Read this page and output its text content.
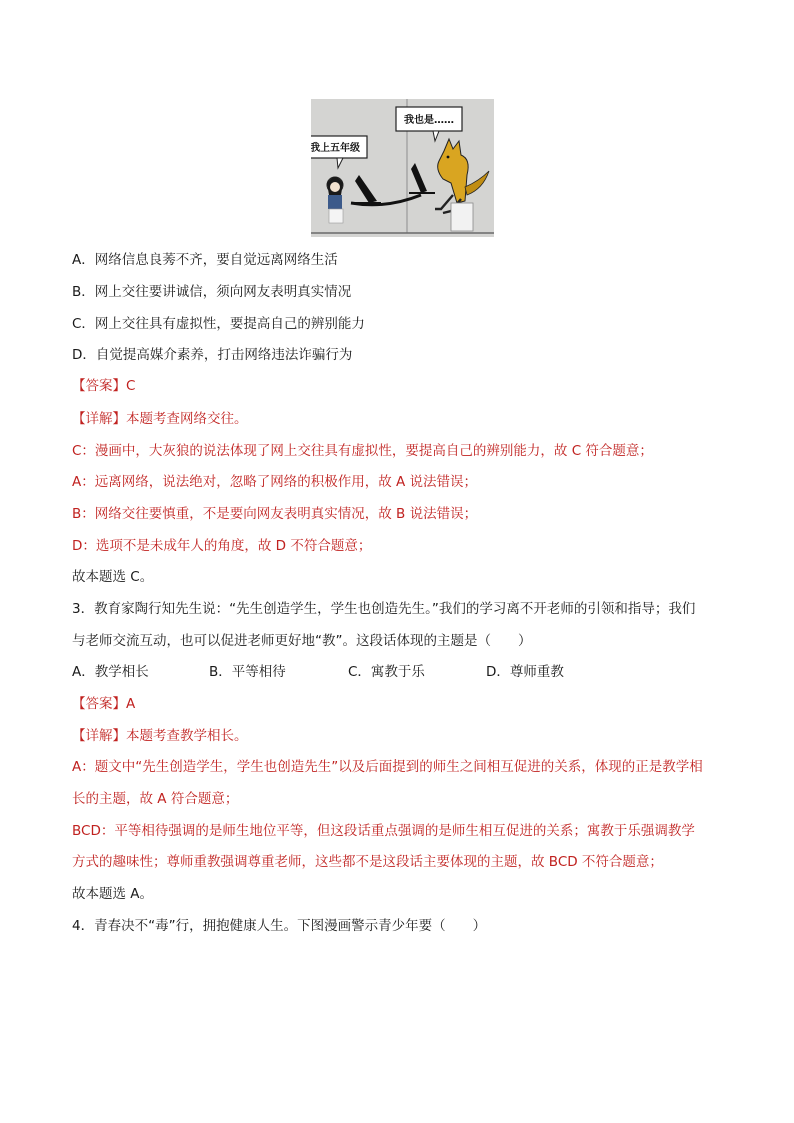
我上五年级
我也是……
A．网络信息良莠不齐，要自觉远离网络生活
B．网上交往要讲诚信，须向网友表明真实情况
C．网上交往具有虚拟性，要提高自己的辨别能力
D．自觉提高媒介素养，打击网络违法诈骗行为
【答案】C
【详解】本题考查网络交往。
C：漫画中，大灰狼的说法体现了网上交往具有虚拟性，要提高自己的辨别能力，故 C 符合题意；
A：远离网络，说法绝对，忽略了网络的积极作用，故 A 说法错误；
B：网络交往要慎重，不是要向网友表明真实情况，故 B 说法错误；
D：选项不是未成年人的角度，故 D 不符合题意；
故本题选 C。
3．教育家陶行知先生说：“先生创造学生，学生也创造先生。”我们的学习离不开老师的引领和指导；我们
与老师交流互动，也可以促进老师更好地“教”。这段话体现的主题是（　　）
A．教学相长	B．平等相待	C．寓教于乐	D．尊师重教
【答案】A
【详解】本题考查教学相长。
A：题文中“先生创造学生，学生也创造先生”以及后面提到的师生之间相互促进的关系，体现的正是教学相
长的主题，故 A 符合题意；
BCD：平等相待强调的是师生地位平等，但这段话重点强调的是师生相互促进的关系；寓教于乐强调教学
方式的趣味性；尊师重教强调尊重老师，这些都不是这段话主要体现的主题，故 BCD 不符合题意；
故本题选 A。
4．青春决不“毒”行，拥抱健康人生。下图漫画警示青少年要（　　）
